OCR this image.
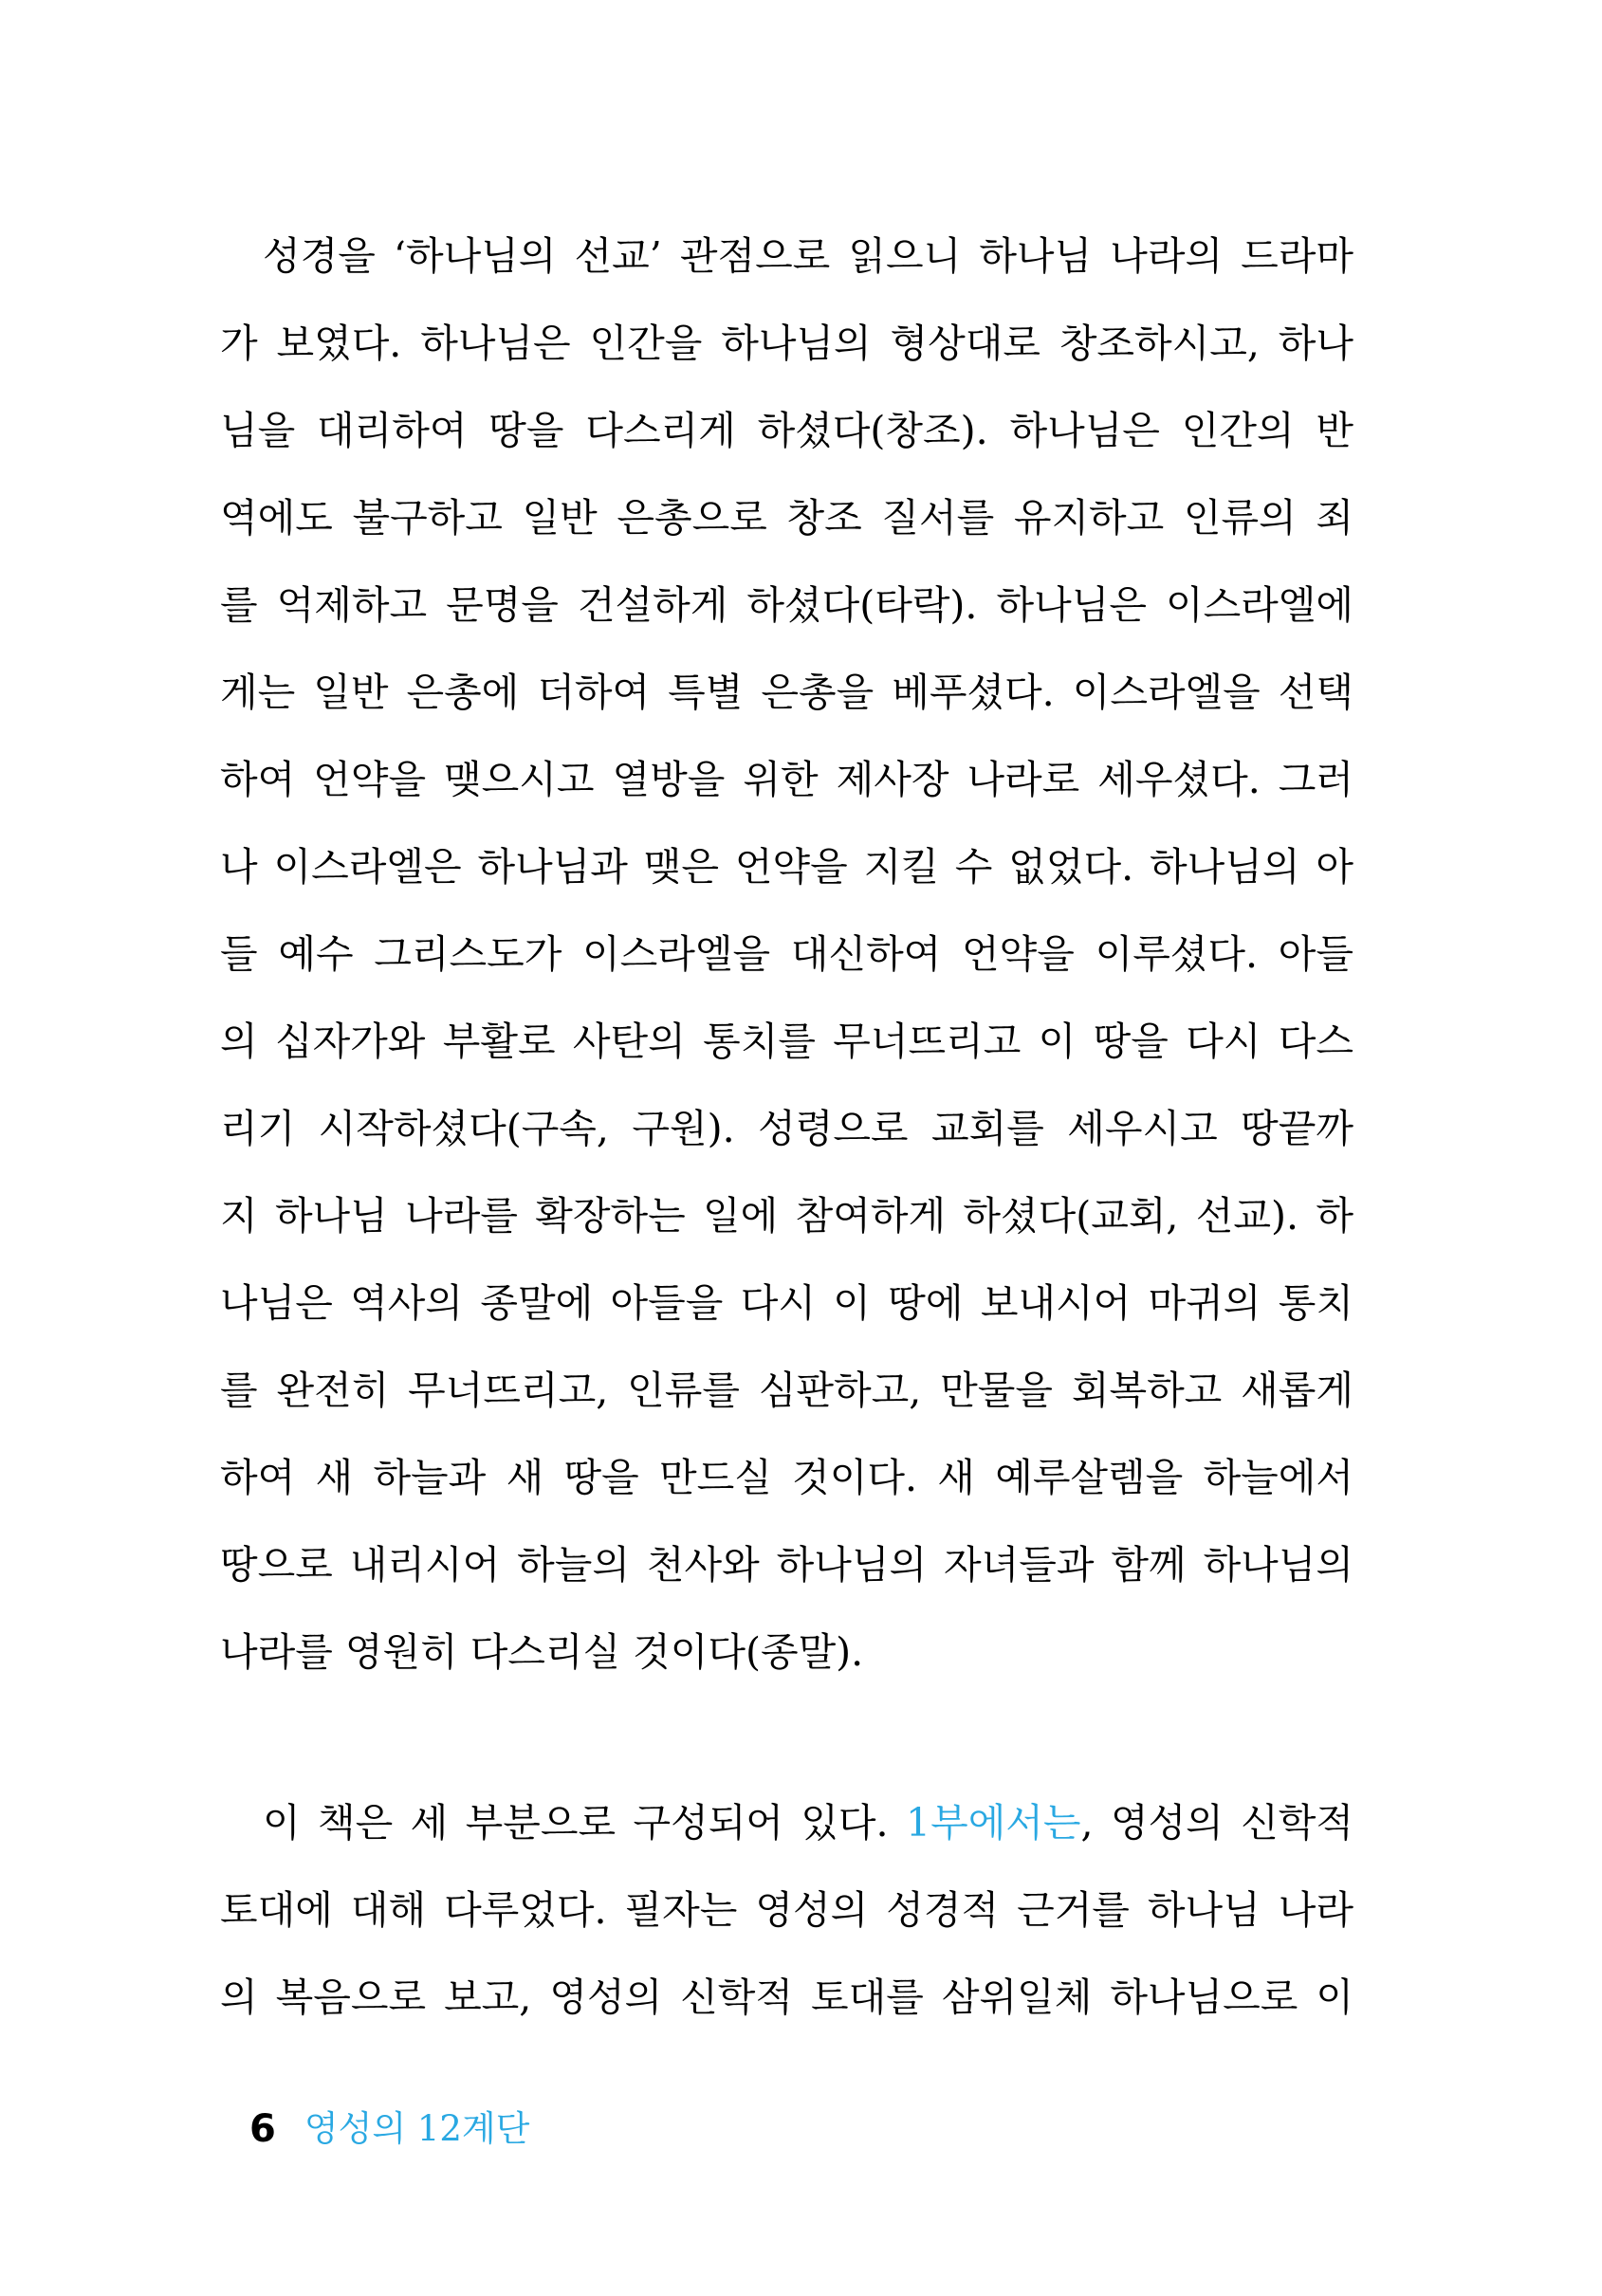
성경을 ‘하나님의 선교’ 관점으로 읽으니 하나님 나라의 드라마
가 보였다. 하나님은 인간을 하나님의 형상대로 창조하시고, 하나
님을 대리하여 땅을 다스리게 하셨다(창조). 하나님은 인간의 반
역에도 불구하고 일반 은총으로 창조 질서를 유지하고 인류의 죄
를 억제하고 문명을 건설하게 하셨다(타락). 하나님은 이스라엘에
게는 일반 은총에 더하여 특별 은총을 베푸셨다. 이스라엘을 선택
하여 언약을 맺으시고 열방을 위한 제사장 나라로 세우셨다. 그러
나 이스라엘은 하나님과 맺은 언약을 지킬 수 없었다. 하나님의 아
들 예수 그리스도가 이스라엘을 대신하여 언약을 이루셨다. 아들
의 십자가와 부활로 사탄의 통치를 무너뜨리고 이 땅을 다시 다스
리기 시작하셨다(구속, 구원). 성령으로 교회를 세우시고 땅끝까
지 하나님 나라를 확장하는 일에 참여하게 하셨다(교회, 선교). 하
나님은 역사의 종말에 아들을 다시 이 땅에 보내시어 마귀의 통치
를 완전히 무너뜨리고, 인류를 심판하고, 만물을 회복하고 새롭게
하여 새 하늘과 새 땅을 만드실 것이다. 새 예루살렘을 하늘에서
땅으로 내리시어 하늘의 천사와 하나님의 자녀들과 함께 하나님의
나라를 영원히 다스리실 것이다(종말).
이 책은 세 부분으로 구성되어 있다. 1부에서는, 영성의 신학적
토대에 대해 다루었다. 필자는 영성의 성경적 근거를 하나님 나라
의 복음으로 보고, 영성의 신학적 토대를 삼위일체 하나님으로 이
6 영성의 12계단
